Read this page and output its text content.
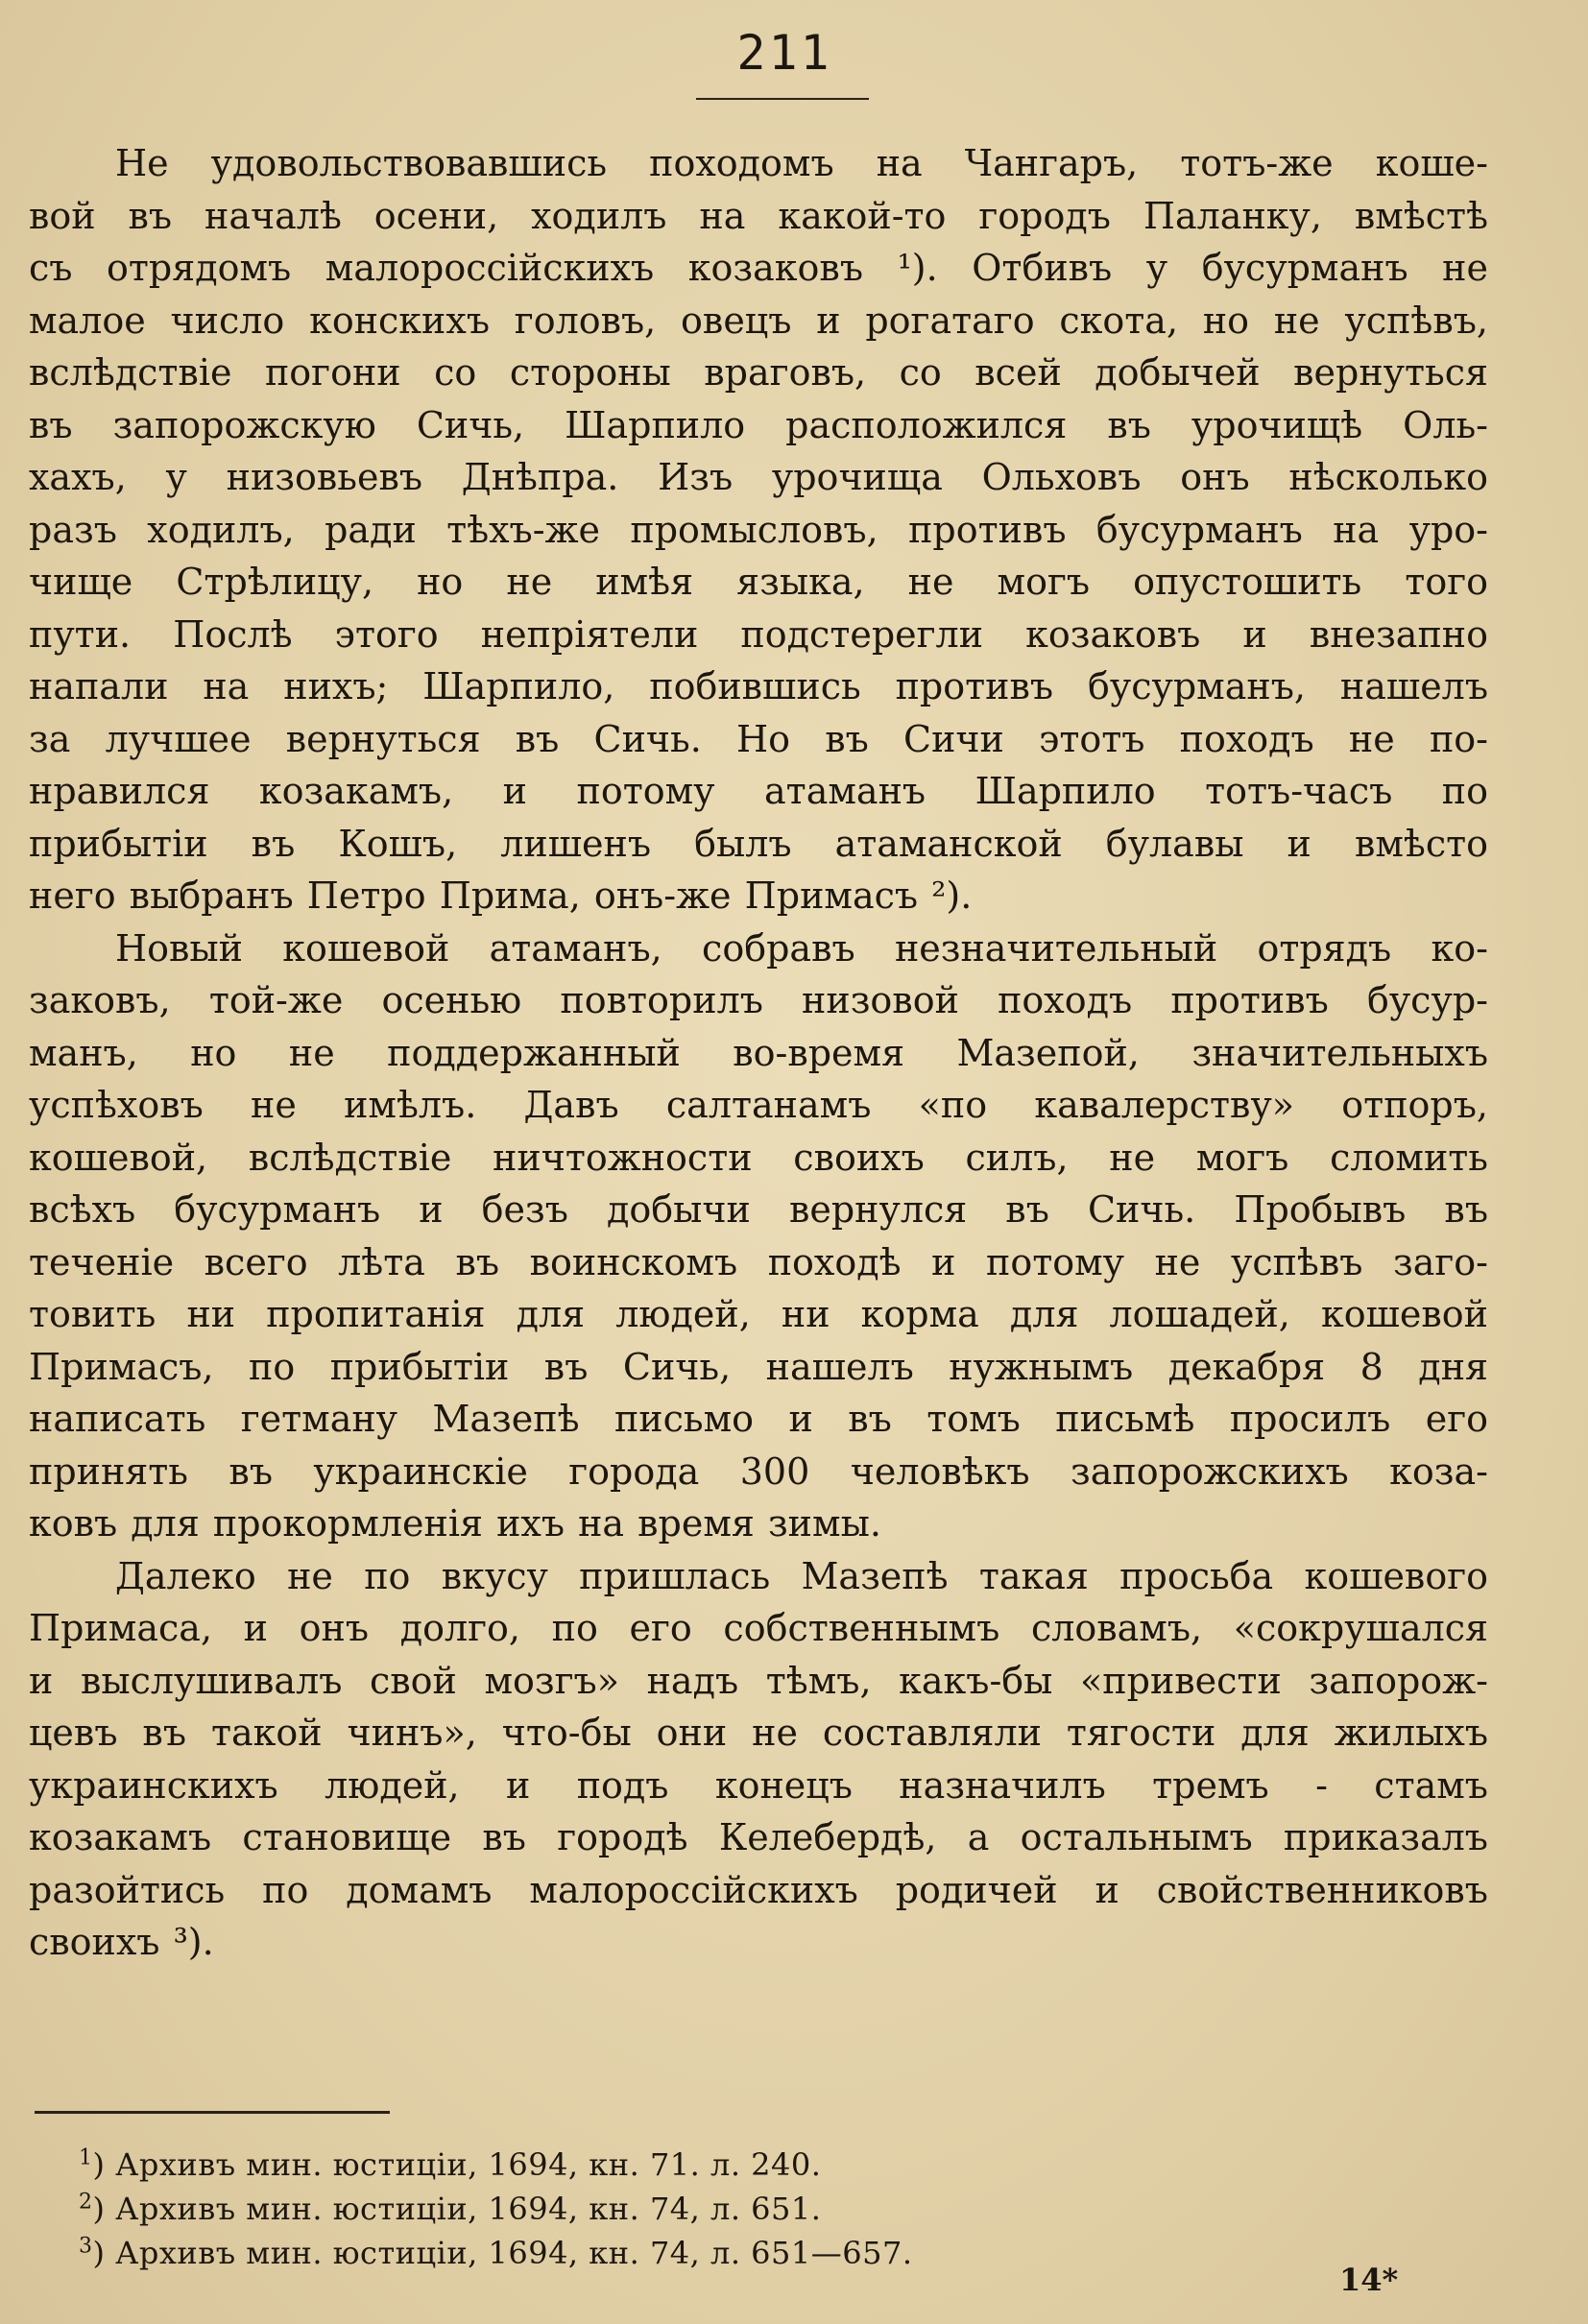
211
Не удовольствовавшись походомъ на Чангаръ, тотъ-же коше-
вой въ началѣ осени, ходилъ на какой-то городъ Паланку, вмѣстѣ
съ отрядомъ малороссійскихъ козаковъ ¹). Отбивъ у бусурманъ не
малое число конскихъ головъ, овецъ и рогатаго скота, но не успѣвъ,
вслѣдствіе погони со стороны враговъ, со всей добычей вернуться
въ запорожскую Сичь, Шарпило расположился въ урочищѣ Оль-
хахъ, у низовьевъ Днѣпра. Изъ урочища Ольховъ онъ нѣсколько
разъ ходилъ, ради тѣхъ-же промысловъ, противъ бусурманъ на уро-
чище Стрѣлицу, но не имѣя языка, не могъ опустошить того
пути. Послѣ этого непріятели подстерегли козаковъ и внезапно
напали на нихъ; Шарпило, побившись противъ бусурманъ, нашелъ
за лучшее вернуться въ Сичь. Но въ Сичи этотъ походъ не по-
нравился козакамъ, и потому атаманъ Шарпило тотъ-часъ по
прибытіи въ Кошъ, лишенъ былъ атаманской булавы и вмѣсто
него выбранъ Петро Прима, онъ-же Примасъ ²).
Новый кошевой атаманъ, собравъ незначительный отрядъ ко-
заковъ, той-же осенью повторилъ низовой походъ противъ бусур-
манъ, но не поддержанный во-время Мазепой, значительныхъ
успѣховъ не имѣлъ. Давъ салтанамъ «по кавалерству» отпоръ,
кошевой, вслѣдствіе ничтожности своихъ силъ, не могъ сломить
всѣхъ бусурманъ и безъ добычи вернулся въ Сичь. Пробывъ въ
теченіе всего лѣта въ воинскомъ походѣ и потому не успѣвъ заго-
товить ни пропитанія для людей, ни корма для лошадей, кошевой
Примасъ, по прибытіи въ Сичь, нашелъ нужнымъ декабря 8 дня
написать гетману Мазепѣ письмо и въ томъ письмѣ просилъ его
принять въ украинскіе города 300 человѣкъ запорожскихъ коза-
ковъ для прокормленія ихъ на время зимы.
Далеко не по вкусу пришлась Мазепѣ такая просьба кошевого
Примаса, и онъ долго, по его собственнымъ словамъ, «сокрушался
и выслушивалъ свой мозгъ» надъ тѣмъ, какъ-бы «привести запорож-
цевъ въ такой чинъ», что-бы они не составляли тягости для жилыхъ
украинскихъ людей, и подъ конецъ назначилъ тремъ - стамъ
козакамъ становище въ городѣ Келебердѣ, а остальнымъ приказалъ
разойтись по домамъ малороссійскихъ родичей и свойственниковъ
своихъ ³).
$^1$) Архивъ мин. юстиціи, 1694, кн. 71. л. 240.
$^2$) Архивъ мин. юстиціи, 1694, кн. 74, л. 651.
$^3$) Архивъ мин. юстиціи, 1694, кн. 74, л. 651—657.
14*
